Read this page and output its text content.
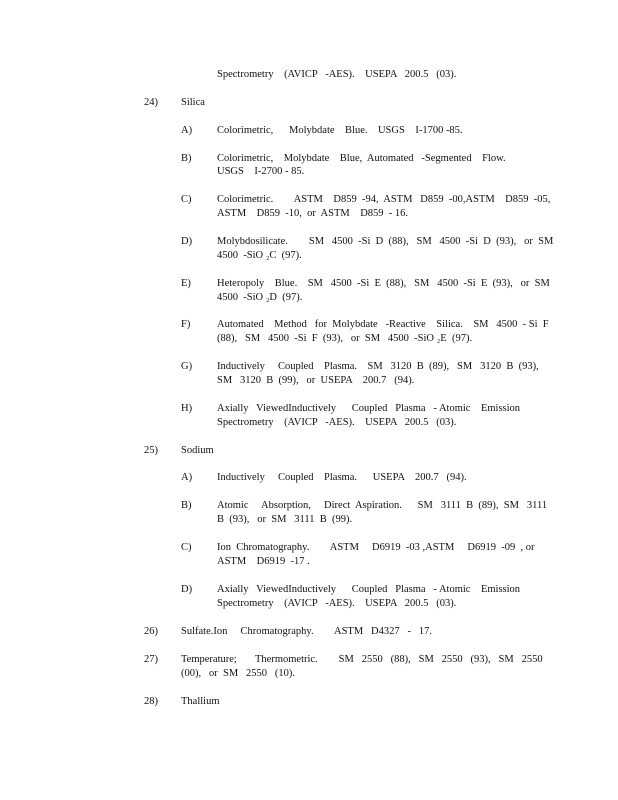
Spectrometry    (AVICP   -AES).    USEPA   200.5   (03).
24) Silica
A) Colorimetric,      Molybdate    Blue.    USGS    I-1700 -85.
B) Colorimetric,    Molybdate    Blue,  Automated   -Segmented    Flow.
USGS    I-2700 - 85.
C) Colorimetric.        ASTM    D859  -94,  ASTM   D859  -00,ASTM    D859  -05,
ASTM    D859  -10,  or  ASTM    D859  - 16.
D) Molybdosilicate.        SM   4500  -Si  D  (88),   SM   4500  -Si  D  (93),   or  SM
4500  -SiO ₂C  (97).
E) Heteropoly    Blue.    SM   4500  -Si  E  (88),   SM   4500  -Si  E  (93),   or  SM
4500  -SiO ₂D  (97).
F)	Automated    Method   for  Molybdate   -Reactive    Silica.    SM   4500  - Si  F
(88),   SM   4500  -Si  F  (93),   or  SM   4500  -SiO ₂E  (97).
G) Inductively     Coupled    Plasma.    SM   3120  B  (89),   SM   3120  B  (93),
SM   3120  B  (99),   or  USEPA    200.7   (94).
H) Axially   ViewedInductively      Coupled   Plasma   - Atomic    Emission
Spectrometry    (AVICP   -AES).    USEPA   200.5   (03).
25) Sodium
A) Inductively     Coupled    Plasma.      USEPA    200.7   (94).
B) Atomic     Absorption,     Direct  Aspiration.      SM   3111  B  (89),  SM   3111
B  (93),   or  SM   3111  B  (99).
C) Ion  Chromatography.        ASTM     D6919  -03 ,ASTM     D6919  -09  , or
ASTM    D6919  -17 .
D) Axially   ViewedInductively      Coupled   Plasma   - Atomic    Emission
Spectrometry    (AVICP   -AES).    USEPA   200.5   (03).
26) Sulfate.Ion     Chromatography.        ASTM   D4327   -   17.
27) Temperature;       Thermometric.        SM   2550   (88),   SM   2550   (93),   SM   2550
(00),   or  SM   2550   (10).
28) Thallium
